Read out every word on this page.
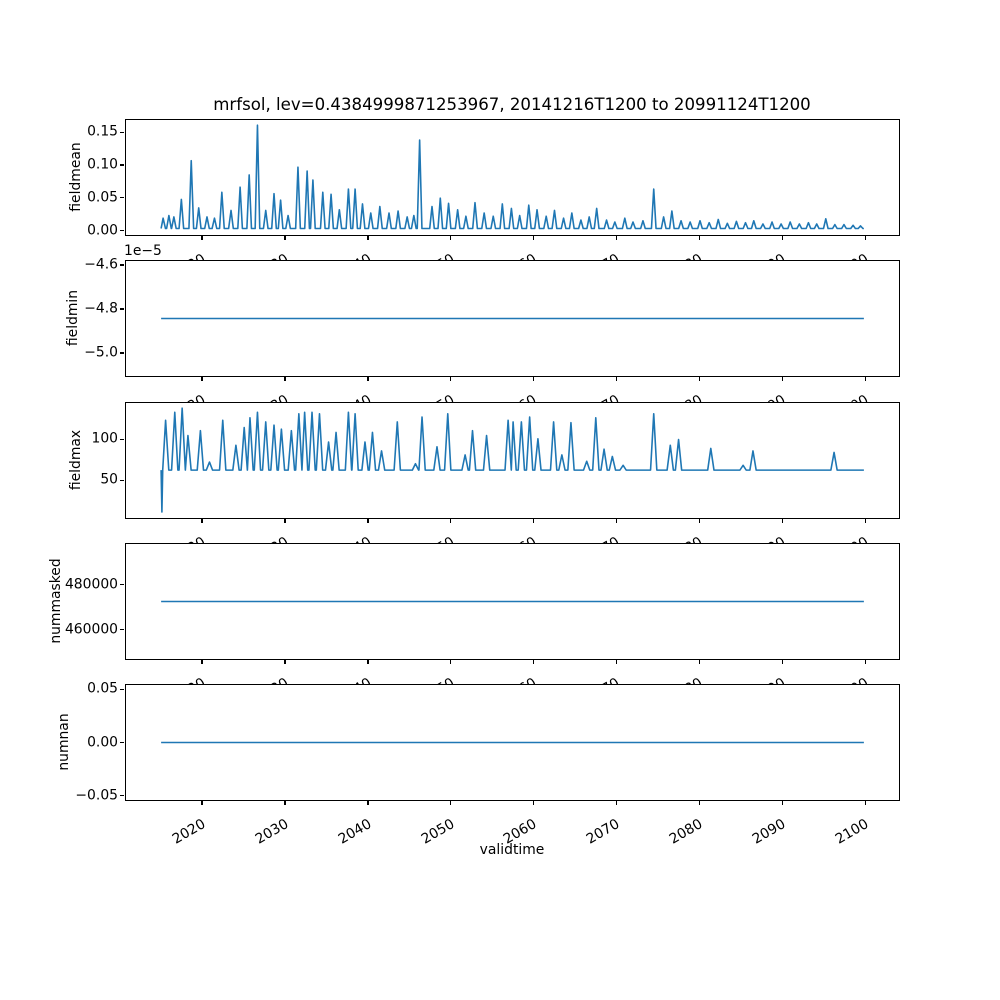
mrfsol, lev=0.4384999871253967, 20141216T1200 to 20991124T1200
fieldmean
fieldmin
fieldmax
nummasked
numnan
1e−5
validtime
0.00
0.05
0.10
0.15
−4.6
−4.8
−5.0
50
100
460000
480000
−0.05
0.00
0.05
2020	2030	2040	2050	2060	2070	2080	2090	2100
